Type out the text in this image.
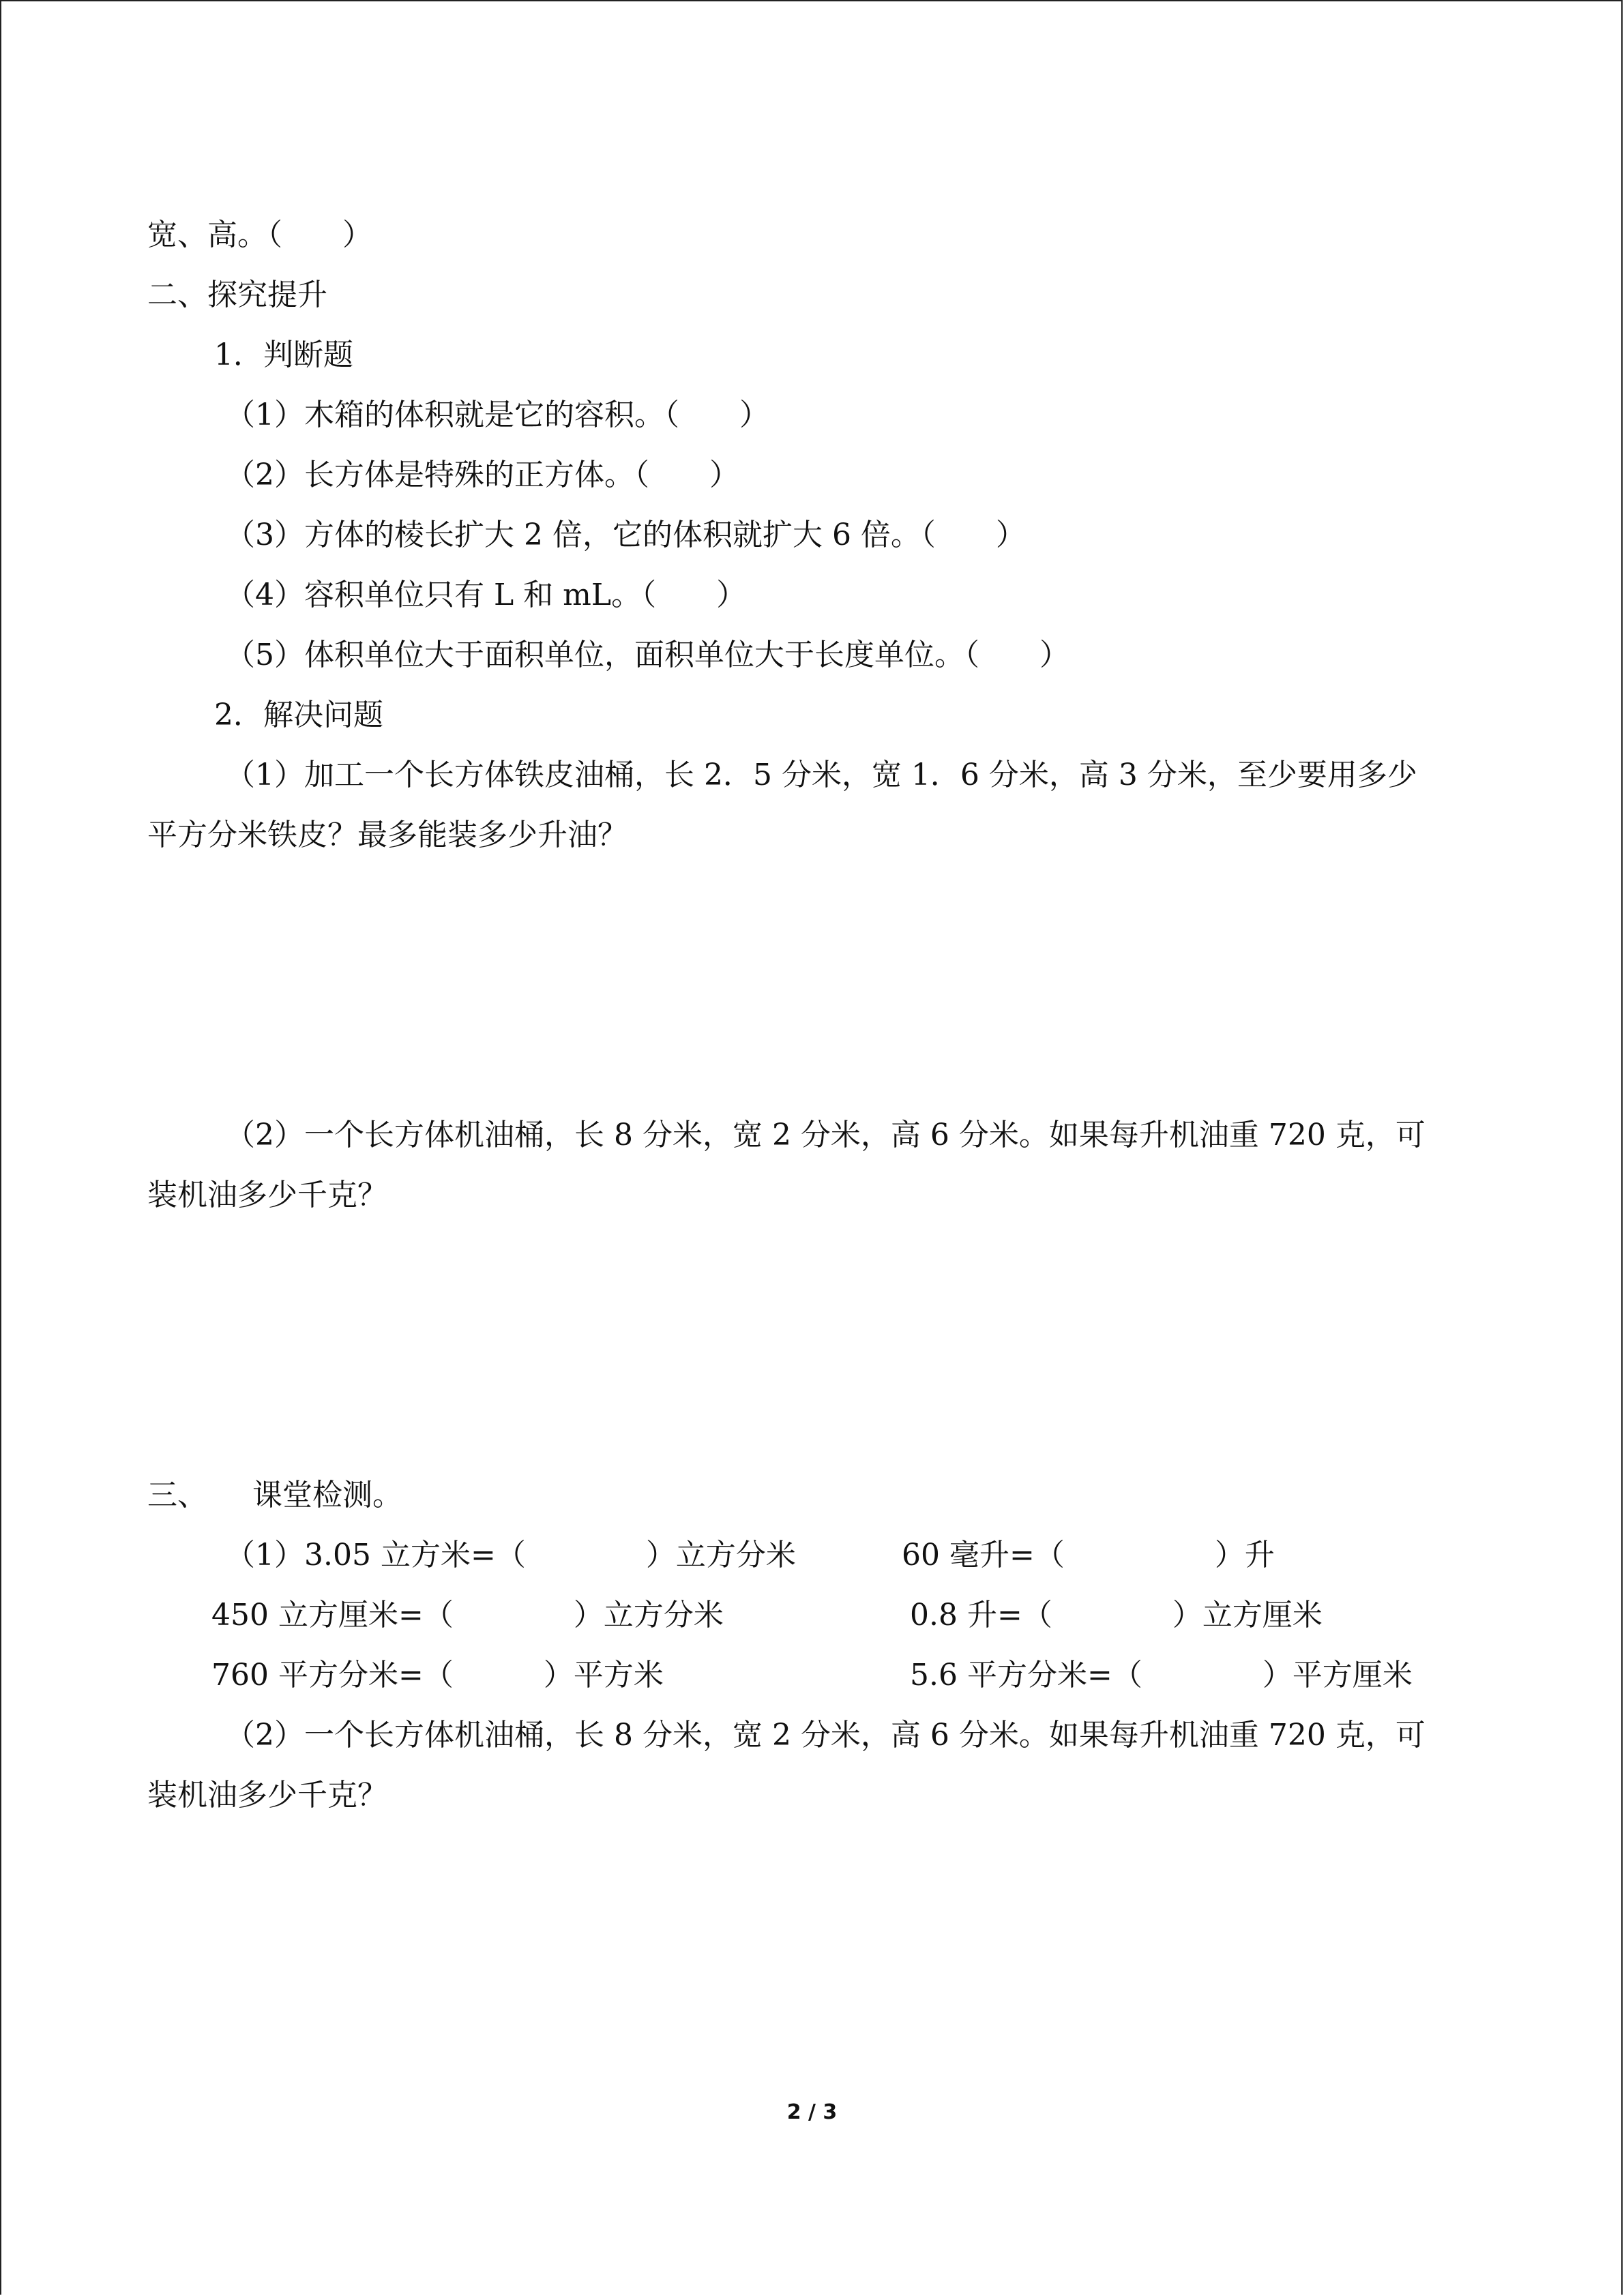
宽、高。（　　）
二、探究提升
1．判断题
（1）木箱的体积就是它的容积。（　　）
（2）长方体是特殊的正方体。（　　）
（3）方体的棱长扩大 2 倍，它的体积就扩大 6 倍。（　　）
（4）容积单位只有 L 和 mL。（　　）
（5）体积单位大于面积单位，面积单位大于长度单位。（　　）
2．解决问题
（1）加工一个长方体铁皮油桶，长 2．5 分米，宽 1．6 分米，高 3 分米，至少要用多少
平方分米铁皮？最多能装多少升油？
（2）一个长方体机油桶，长 8 分米，宽 2 分米，高 6 分米。如果每升机油重 720 克，可
装机油多少千克？
三、　　课堂检测。
（1）3.05 立方米=（　　　　）立方分米	60 毫升=（　　　　　）升
450 立方厘米=（　　　　）立方分米	0.8 升=（　　　　）立方厘米
760 平方分米=（　　　）平方米	5.6 平方分米=（　　　　）平方厘米
（2）一个长方体机油桶，长 8 分米，宽 2 分米，高 6 分米。如果每升机油重 720 克，可
装机油多少千克？
2 / 3
